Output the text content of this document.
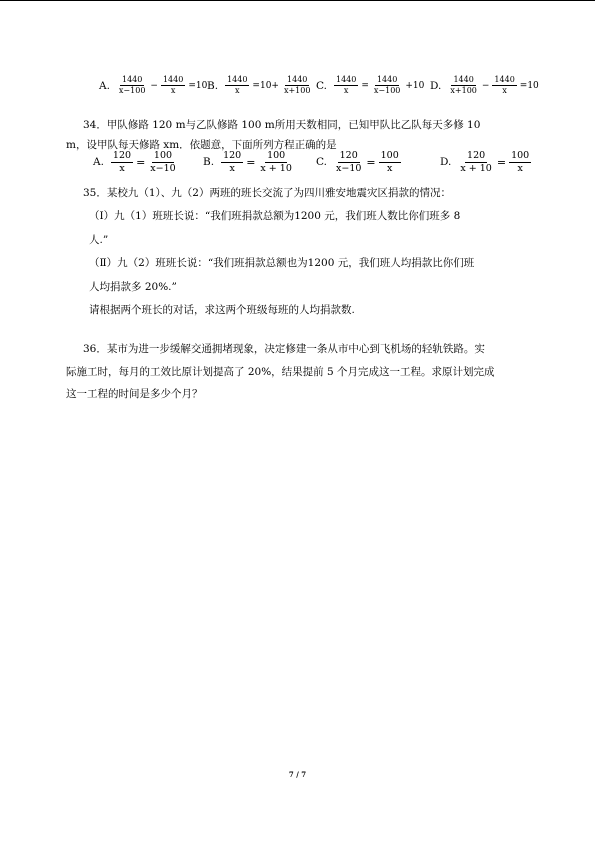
A. $\frac{1440}{x-100} - \frac{1440}{x} =10$ B. $\frac{1440}{x} =10+ \frac{1440}{x+100} C$. $\frac{1440}{x} = \frac{1440}{x-100} +10$ D. $\frac{1440}{x+100} - \frac{1440}{x} =10$
34．甲队修路 120 m与乙队修路 100 m所用天数相同，已知甲队比乙队每天多修 10
m，设甲队每天修路 xm．依题意，下面所列方程正确的是
A. $\frac{120}{x} = \frac{100}{x-10} B$. $\frac{120}{x} = \frac{100}{x + 10} C$. $\frac{120}{x-10} = \frac{100}{x}$	D. $\frac{120}{x + 10} = \frac{100}{x}$
35．某校九（1）、九（2）两班的班长交流了为四川雅安地震灾区捐款的情况：
（Ⅰ）九（1）班班长说：“我们班捐款总额为1200 元，我们班人数比你们班多 8
人.”
（Ⅱ）九（2）班班长说：“我们班捐款总额也为1200 元，我们班人均捐款比你们班
人均捐款多 20%.”
请根据两个班长的对话，求这两个班级每班的人均捐款数.
36．某市为进一步缓解交通拥堵现象，决定修建一条从市中心到飞机场的轻轨铁路。实
际施工时，每月的工效比原计划提高了 20%，结果提前 5 个月完成这一工程。求原计划完成
这一工程的时间是多少个月？
7 / 7
